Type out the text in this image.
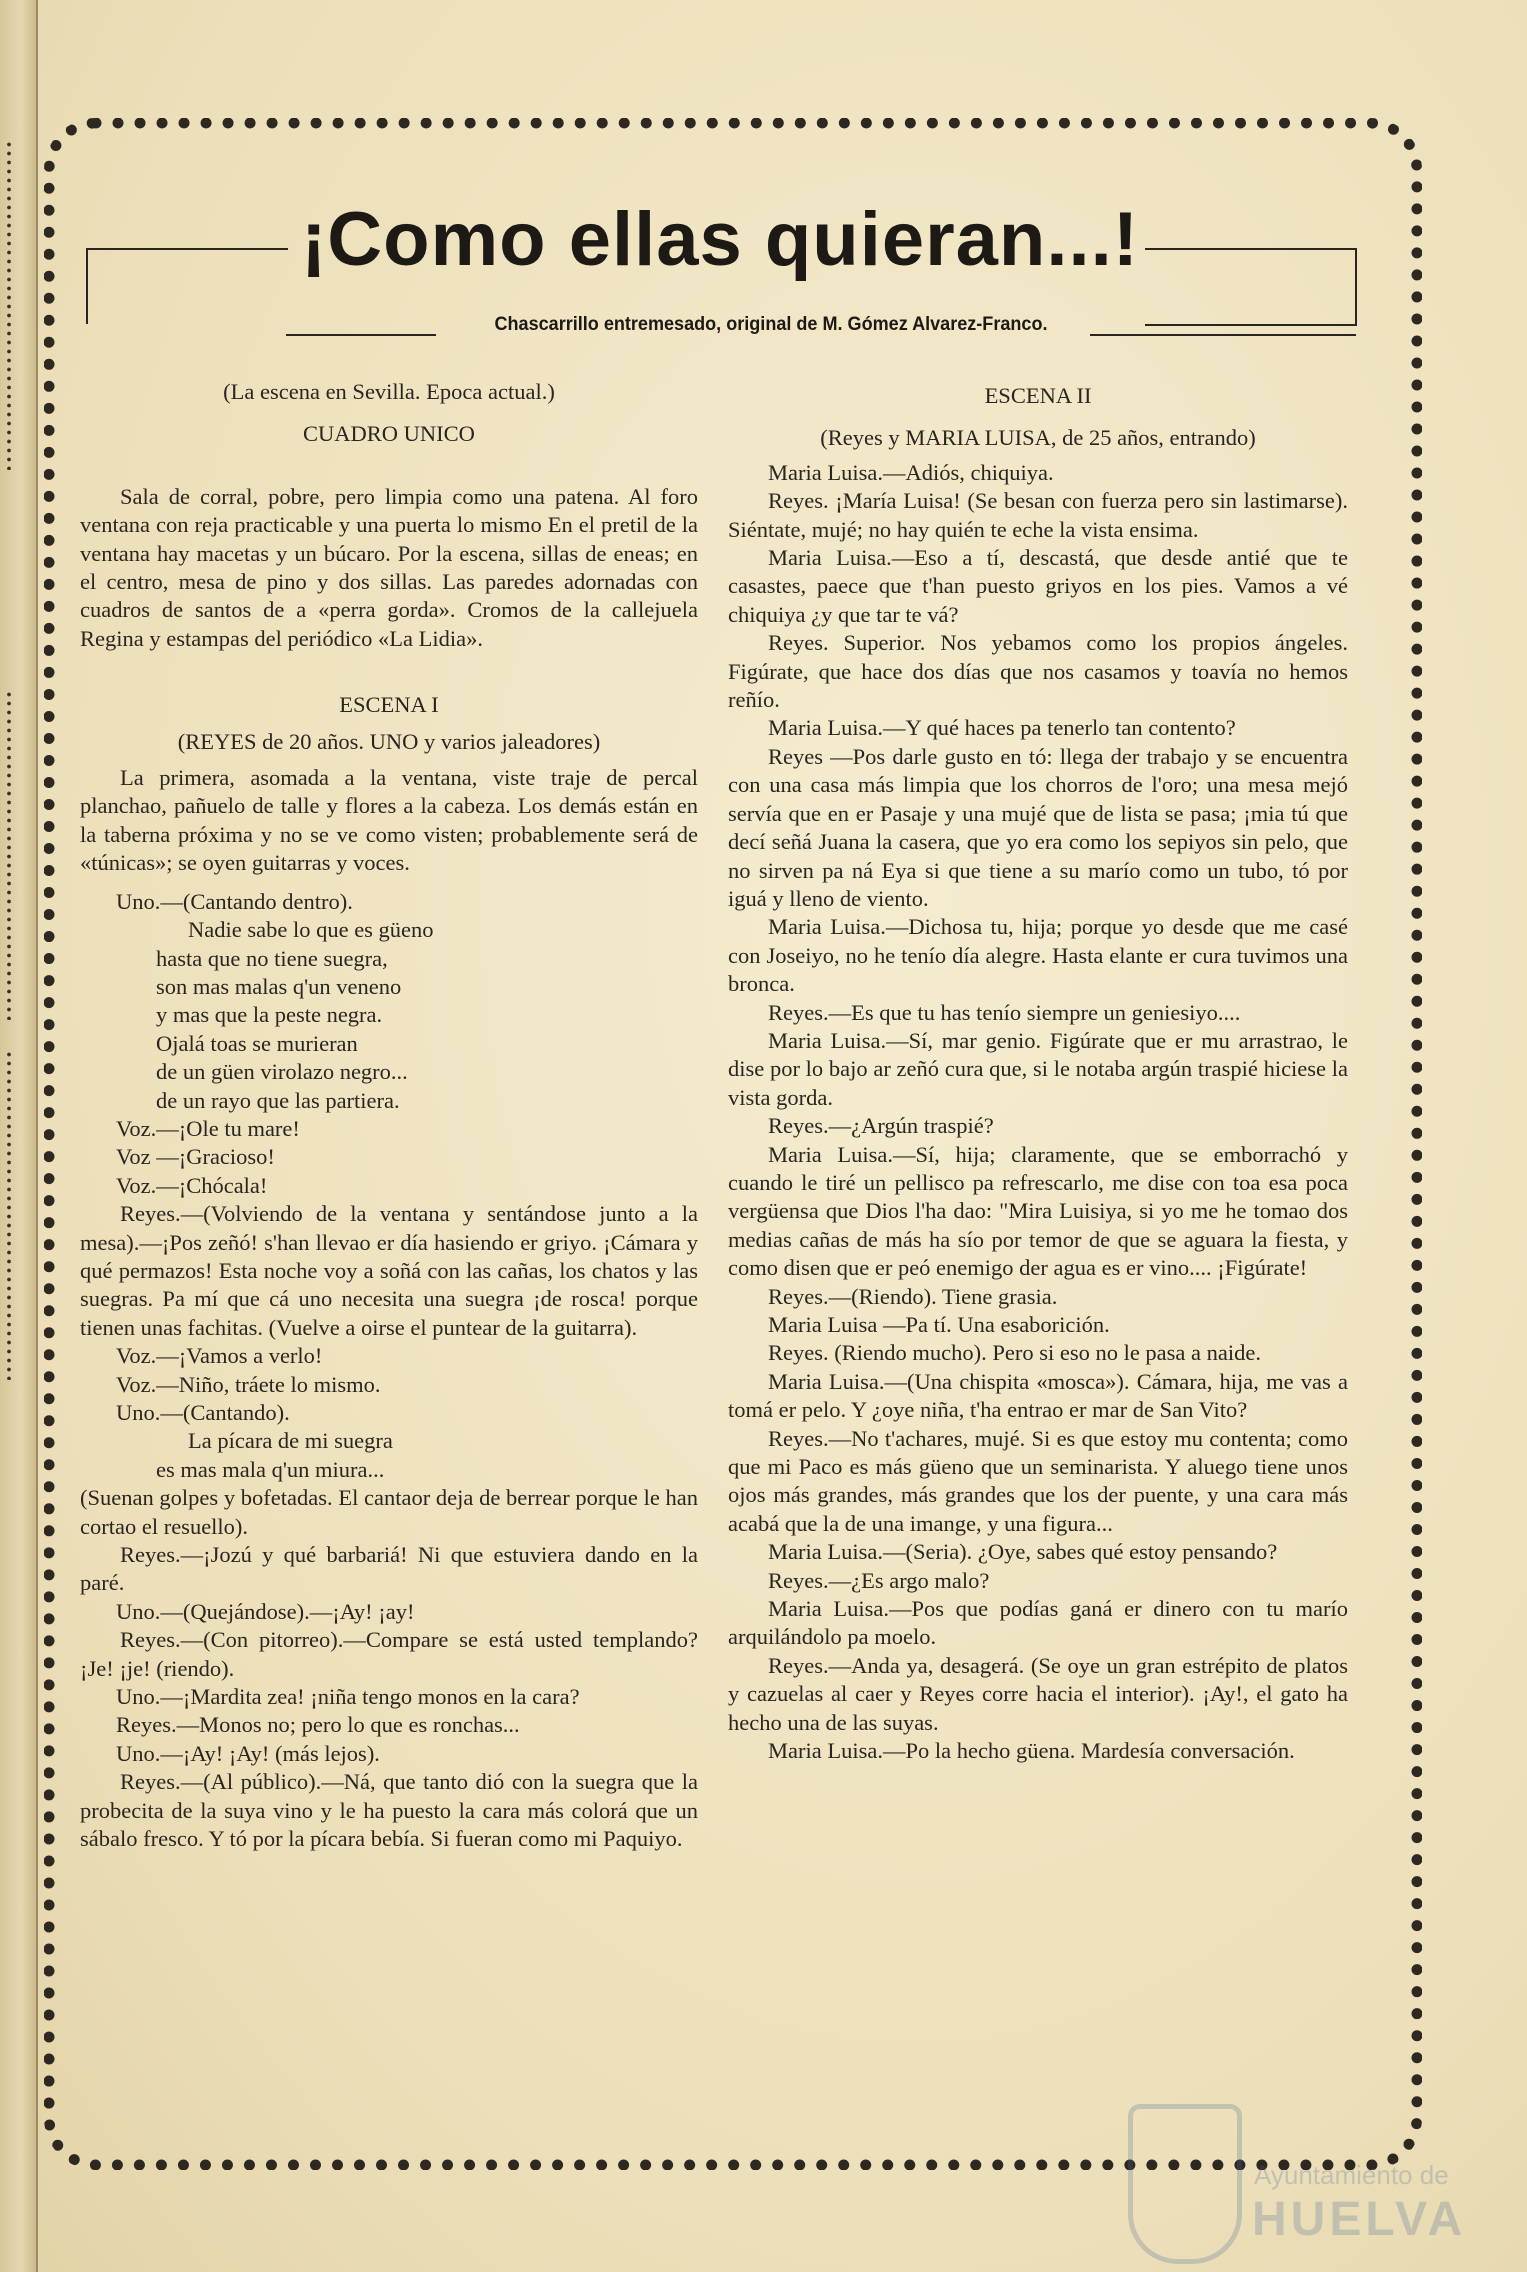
¡Como ellas quieran...!
Chascarrillo entremesado, original de M. Gómez Alvarez-Franco.

(La escena en Sevilla. Epoca actual.)

CUADRO UNICO

Sala de corral, pobre, pero limpia como una patena. Al foro ventana con reja practicable y una puerta lo mismo En el pretil de la ventana hay macetas y un búcaro. Por la escena, sillas de eneas; en el centro, mesa de pino y dos sillas. Las paredes adornadas con cuadros de santos de a «perra gorda». Cromos de la callejuela Regina y estampas del periódico «La Lidia».

ESCENA I

(REYES de 20 años. UNO y varios jaleadores)

La primera, asomada a la ventana, viste traje de percal planchao, pañuelo de talle y flores a la cabeza. Los demás están en la taberna próxima y no se ve como visten; probablemente será de «túnicas»; se oyen guitarras y voces.

Uno.—(Cantando dentro).

Nadie sabe lo que es güeno

hasta que no tiene suegra,

son mas malas q'un veneno

y mas que la peste negra.

Ojalá toas se murieran

de un güen virolazo negro...

de un rayo que las partiera.

Voz.—¡Ole tu mare!

Voz —¡Gracioso!

Voz.—¡Chócala!

Reyes.—(Volviendo de la ventana y sentándose junto a la mesa).—¡Pos zeñó! s'han llevao er día hasiendo er griyo. ¡Cámara y qué permazos! Esta noche voy a soñá con las cañas, los chatos y las suegras. Pa mí que cá uno necesita una suegra ¡de rosca! porque tienen unas fachitas. (Vuelve a oirse el puntear de la guitarra).

Voz.—¡Vamos a verlo!

Voz.—Niño, tráete lo mismo.

Uno.—(Cantando).

La pícara de mi suegra

es mas mala q'un miura...

(Suenan golpes y bofetadas. El cantaor deja de berrear porque le han cortao el resuello).

Reyes.—¡Jozú y qué barbariá! Ni que estuviera dando en la paré.

Uno.—(Quejándose).—¡Ay! ¡ay!

Reyes.—(Con pitorreo).—Compare se está usted templando? ¡Je! ¡je! (riendo).

Uno.—¡Mardita zea! ¡niña tengo monos en la cara?

Reyes.—Monos no; pero lo que es ronchas...

Uno.—¡Ay! ¡Ay! (más lejos).

Reyes.—(Al público).—Ná, que tanto dió con la suegra que la probecita de la suya vino y le ha puesto la cara más colorá que un sábalo fresco. Y tó por la pícara bebía. Si fueran como mi Paquiyo.

ESCENA II

(Reyes y MARIA LUISA, de 25 años, entrando)

Maria Luisa.—Adiós, chiquiya.

Reyes. ¡María Luisa! (Se besan con fuerza pero sin lastimarse). Siéntate, mujé; no hay quién te eche la vista ensima.

Maria Luisa.—Eso a tí, descastá, que desde antié que te casastes, paece que t'han puesto griyos en los pies. Vamos a vé chiquiya ¿y que tar te vá?

Reyes. Superior. Nos yebamos como los propios ángeles. Figúrate, que hace dos días que nos casamos y toavía no hemos reñío.

Maria Luisa.—Y qué haces pa tenerlo tan contento?

Reyes —Pos darle gusto en tó: llega der trabajo y se encuentra con una casa más limpia que los chorros de l'oro; una mesa mejó servía que en er Pasaje y una mujé que de lista se pasa; ¡mia tú que decí señá Juana la casera, que yo era como los sepiyos sin pelo, que no sirven pa ná Eya si que tiene a su marío como un tubo, tó por iguá y lleno de viento.

Maria Luisa.—Dichosa tu, hija; porque yo desde que me casé con Joseiyo, no he tenío día alegre. Hasta elante er cura tuvimos una bronca.

Reyes.—Es que tu has tenío siempre un geniesiyo....

Maria Luisa.—Sí, mar genio. Figúrate que er mu arrastrao, le dise por lo bajo ar zeñó cura que, si le notaba argún traspié hiciese la vista gorda.

Reyes.—¿Argún traspié?

Maria Luisa.—Sí, hija; claramente, que se emborrachó y cuando le tiré un pellisco pa refrescarlo, me dise con toa esa poca vergüensa que Dios l'ha dao: "Mira Luisiya, si yo me he tomao dos medias cañas de más ha sío por temor de que se aguara la fiesta, y como disen que er peó enemigo der agua es er vino.... ¡Figúrate!

Reyes.—(Riendo). Tiene grasia.

Maria Luisa —Pa tí. Una esaborición.

Reyes. (Riendo mucho). Pero si eso no le pasa a naide.

Maria Luisa.—(Una chispita «mosca»). Cámara, hija, me vas a tomá er pelo. Y ¿oye niña, t'ha entrao er mar de San Vito?

Reyes.—No t'achares, mujé. Si es que estoy mu contenta; como que mi Paco es más güeno que un seminarista. Y aluego tiene unos ojos más grandes, más grandes que los der puente, y una cara más acabá que la de una imange, y una figura...

Maria Luisa.—(Seria). ¿Oye, sabes qué estoy pensando?

Reyes.—¿Es argo malo?

Maria Luisa.—Pos que podías ganá er dinero con tu marío arquilándolo pa moelo.

Reyes.—Anda ya, desagerá. (Se oye un gran estrépito de platos y cazuelas al caer y Reyes corre hacia el interior). ¡Ay!, el gato ha hecho una de las suyas.

Maria Luisa.—Po la hecho güena. Mardesía conversación.

Ayuntamiento de
HUELVA
